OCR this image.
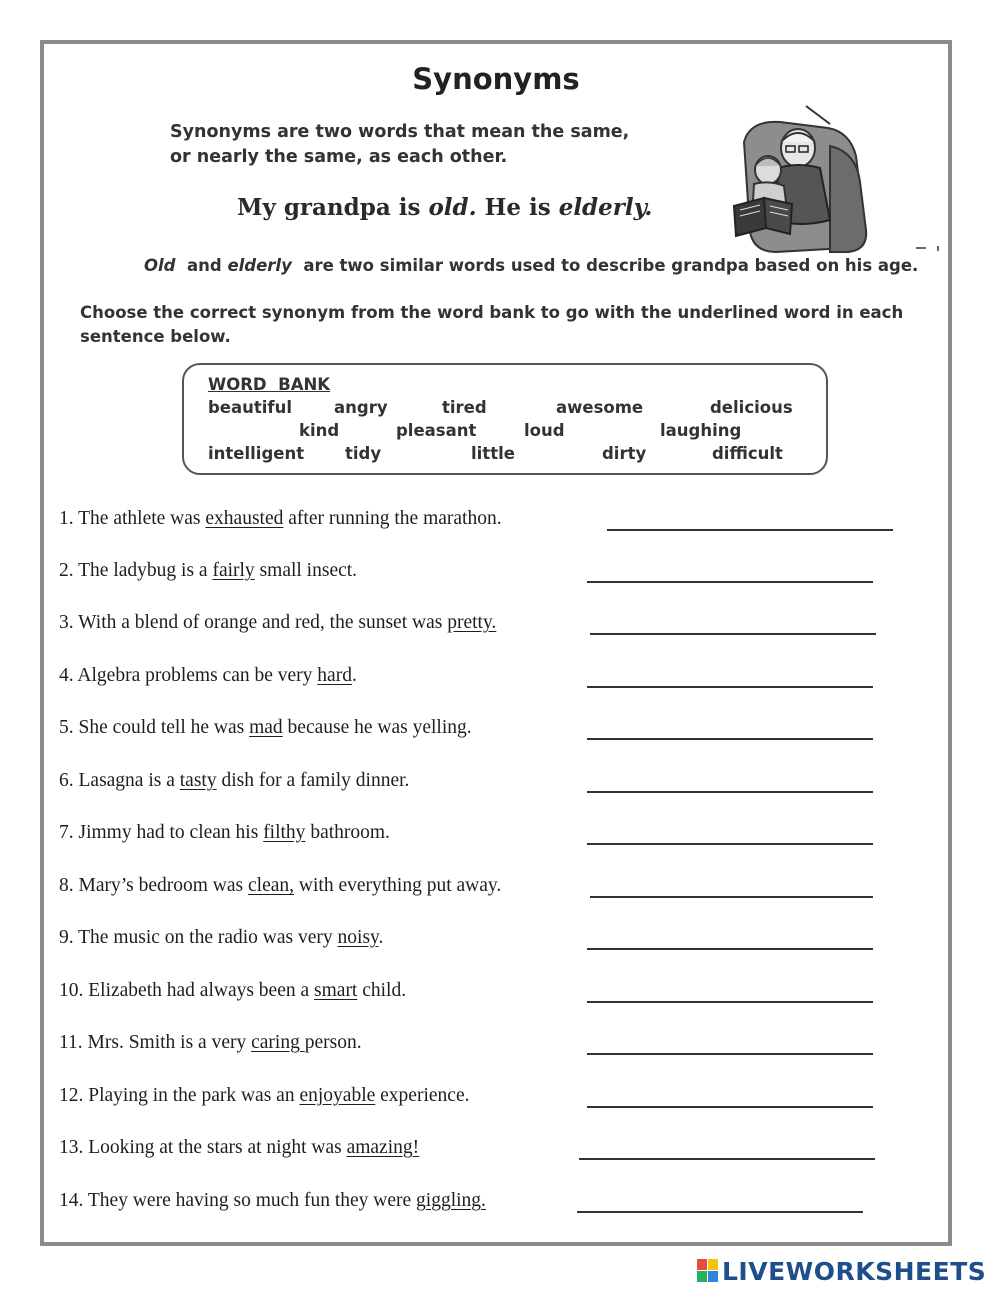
Synonyms
Synonyms are two words that mean the same, or nearly the same, as each other.
My grandpa is old. He is elderly.
Old  and elderly  are two similar words used to describe grandpa based on his age.
Choose the correct synonym from the word bank to go with the underlined word in each sentence below.
WORD  BANK
beautiful	angry	tired	awesome	delicious
kind	pleasant	loud	laughing
intelligent tidy	little	dirty	difficult
1. The athlete was exhausted after running the marathon.
2. The ladybug is a fairly small insect.
3. With a blend of orange and red, the sunset was pretty.
4. Algebra problems can be very hard.
5. She could tell he was mad because he was yelling.
6. Lasagna is a tasty dish for a family dinner.
7. Jimmy had to clean his filthy bathroom.
8. Mary’s bedroom was clean, with everything put away.
9. The music on the radio was very noisy.
10. Elizabeth had always been a smart child.
11. Mrs. Smith is a very caring person.
12. Playing in the park was an enjoyable experience.
13. Looking at the stars at night was amazing!
14. They were having so much fun they were giggling.
LIVEWORKSHEETS
